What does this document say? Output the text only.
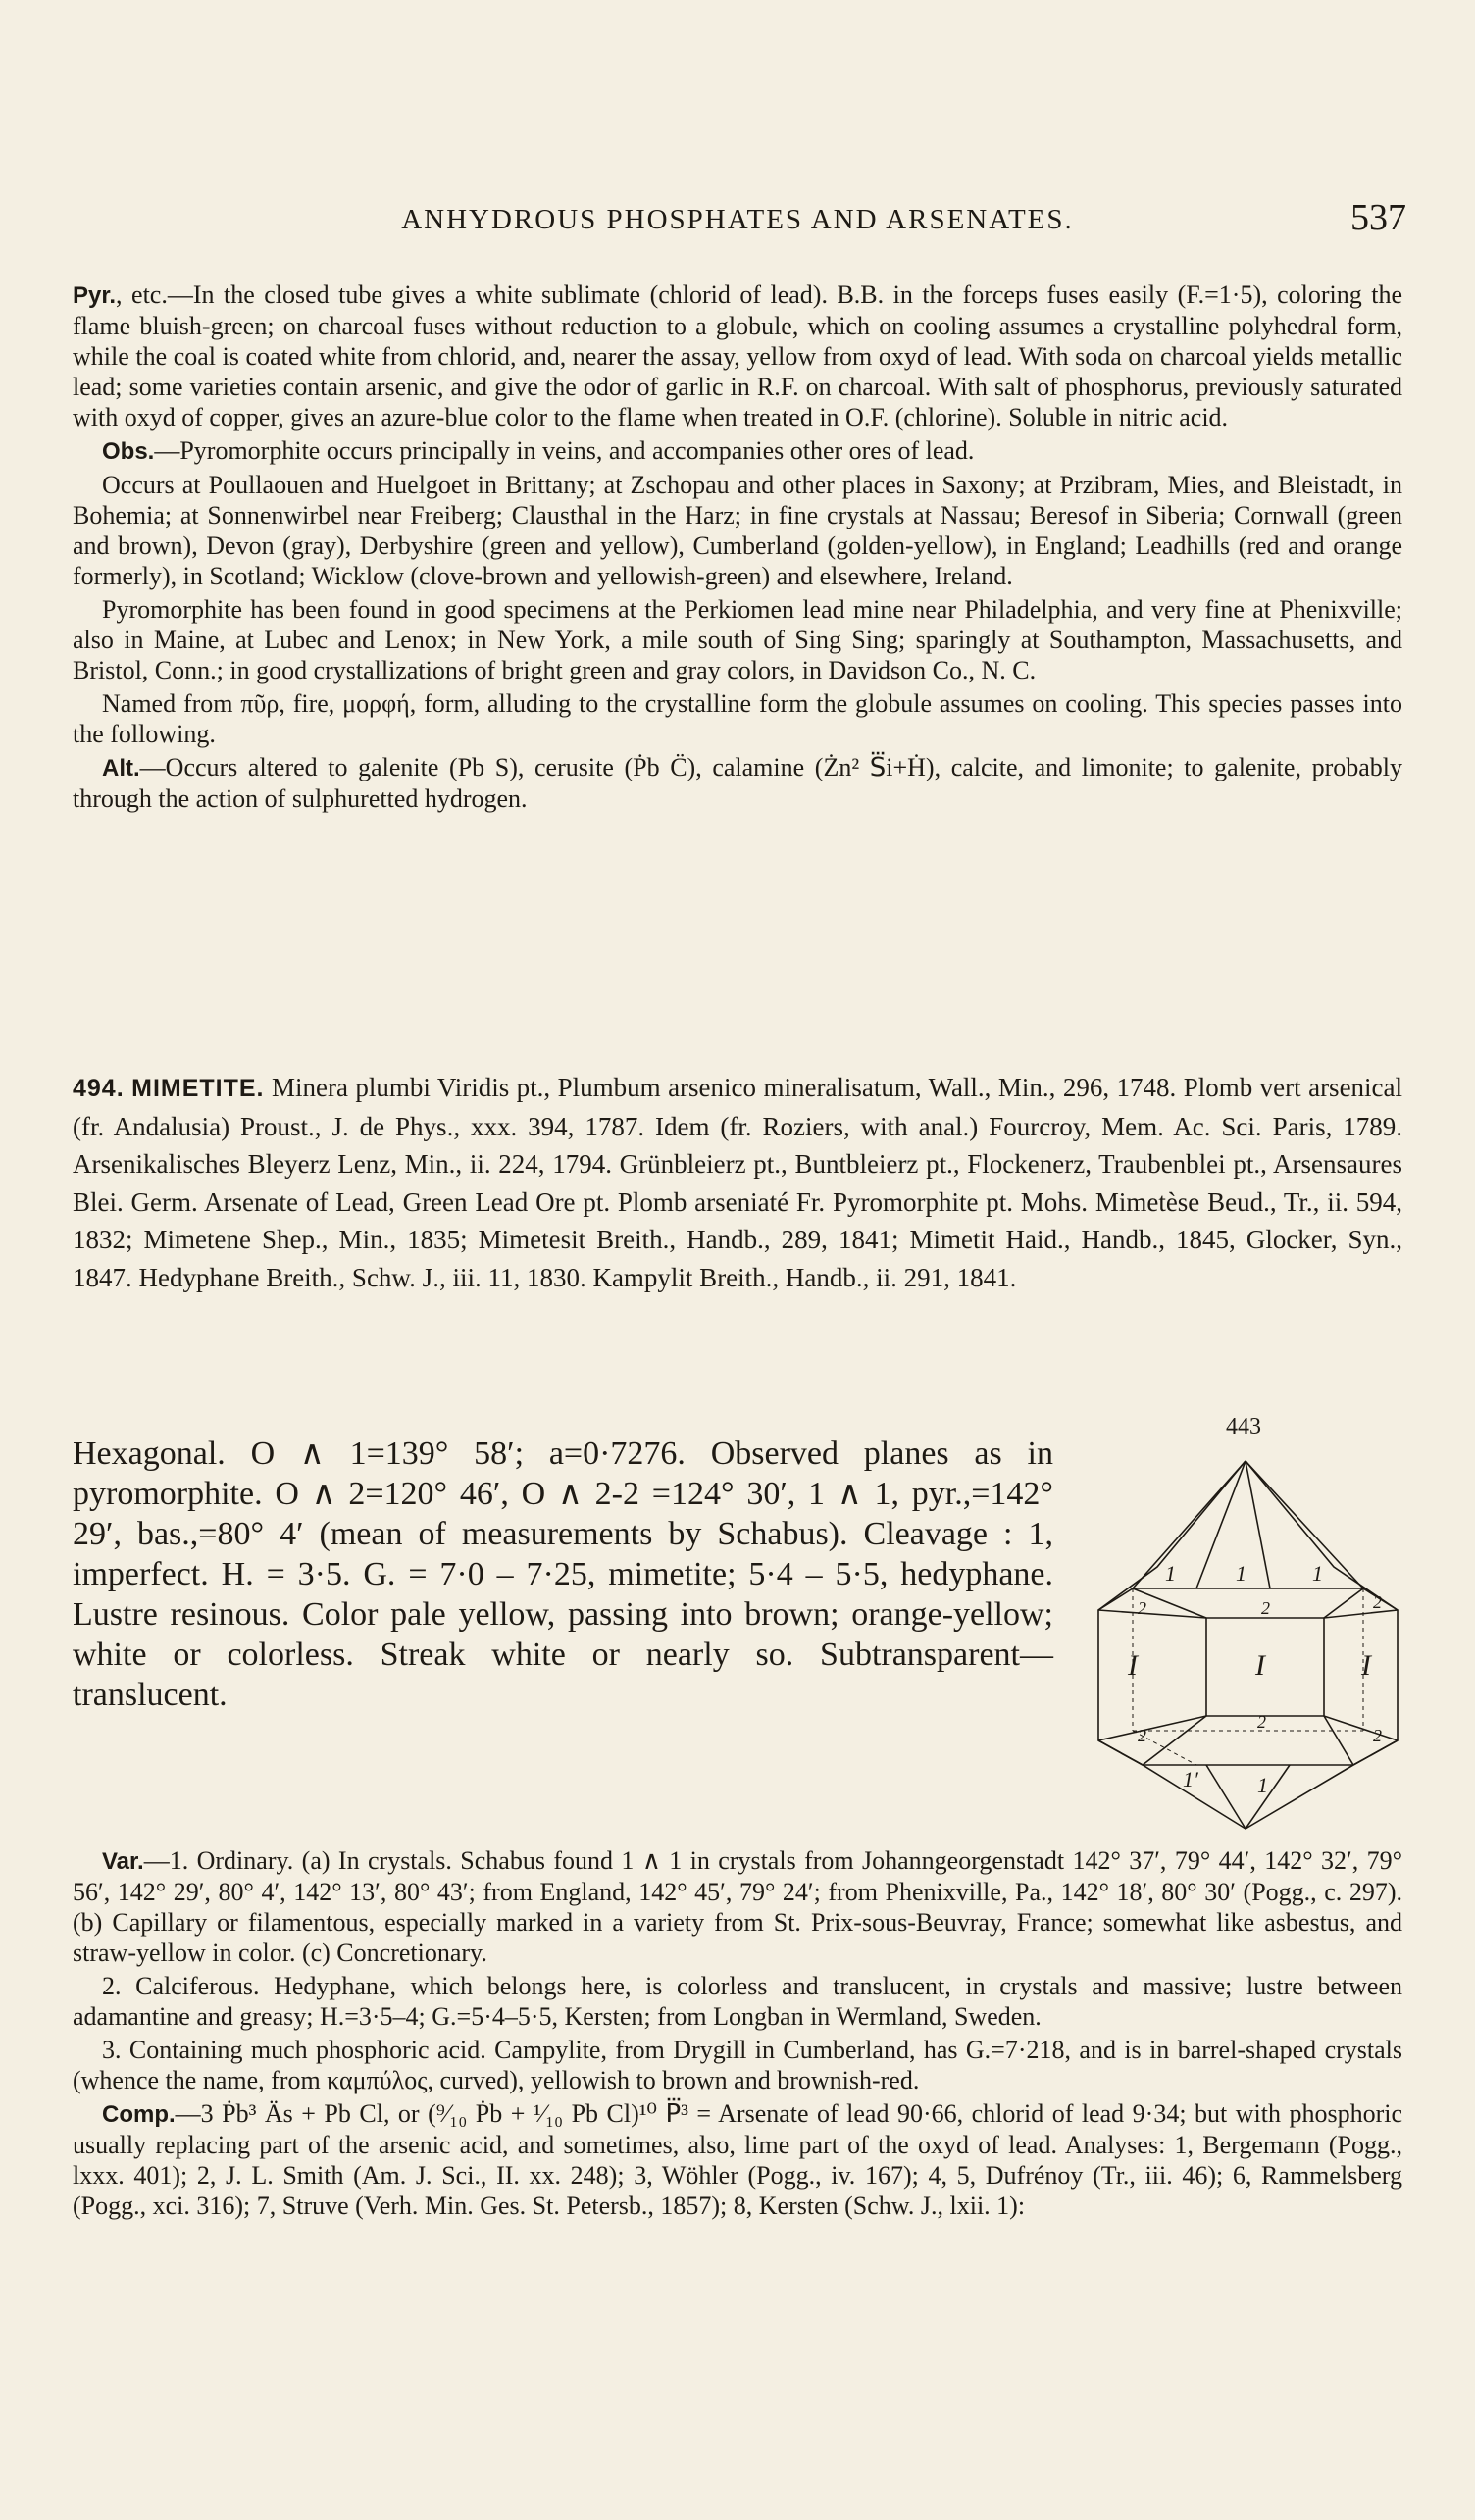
ANHYDROUS PHOSPHATES AND ARSENATES.	537

Pyr., etc.—In the closed tube gives a white sublimate (chlorid of lead). B.B. in the forceps fuses easily (F.=1·5), coloring the flame bluish-green; on charcoal fuses without reduction to a globule, which on cooling assumes a crystalline polyhedral form, while the coal is coated white from chlorid, and, nearer the assay, yellow from oxyd of lead. With soda on charcoal yields metallic lead; some varieties contain arsenic, and give the odor of garlic in R.F. on charcoal. With salt of phosphorus, previously saturated with oxyd of copper, gives an azure-blue color to the flame when treated in O.F. (chlorine). Soluble in nitric acid.

Obs.—Pyromorphite occurs principally in veins, and accompanies other ores of lead.

Occurs at Poullaouen and Huelgoet in Brittany; at Zschopau and other places in Saxony; at Przibram, Mies, and Bleistadt, in Bohemia; at Sonnenwirbel near Freiberg; Clausthal in the Harz; in fine crystals at Nassau; Beresof in Siberia; Cornwall (green and brown), Devon (gray), Derbyshire (green and yellow), Cumberland (golden-yellow), in England; Leadhills (red and orange formerly), in Scotland; Wicklow (clove-brown and yellowish-green) and elsewhere, Ireland.

Pyromorphite has been found in good specimens at the Perkiomen lead mine near Philadelphia, and very fine at Phenixville; also in Maine, at Lubec and Lenox; in New York, a mile south of Sing Sing; sparingly at Southampton, Massachusetts, and Bristol, Conn.; in good crystallizations of bright green and gray colors, in Davidson Co., N. C.

Named from πῦρ, fire, μορφή, form, alluding to the crystalline form the globule assumes on cooling. This species passes into the following.

Alt.—Occurs altered to galenite (Pb S), cerusite (Ṗb C̈), calamine (Żn² S⃛i+Ḣ), calcite, and limonite; to galenite, probably through the action of sulphuretted hydrogen.

494. MIMETITE. Minera plumbi Viridis pt., Plumbum arsenico mineralisatum, Wall., Min., 296, 1748. Plomb vert arsenical (fr. Andalusia) Proust., J. de Phys., xxx. 394, 1787. Idem (fr. Roziers, with anal.) Fourcroy, Mem. Ac. Sci. Paris, 1789. Arsenikalisches Bleyerz Lenz, Min., ii. 224, 1794. Grünbleierz pt., Buntbleierz pt., Flockenerz, Traubenblei pt., Arsensaures Blei. Germ. Arsenate of Lead, Green Lead Ore pt. Plomb arseniaté Fr. Pyromorphite pt. Mohs. Mimetèse Beud., Tr., ii. 594, 1832; Mimetene Shep., Min., 1835; Mimetesit Breith., Handb., 289, 1841; Mimetit Haid., Handb., 1845, Glocker, Syn., 1847. Hedyphane Breith., Schw. J., iii. 11, 1830. Kampylit Breith., Handb., ii. 291, 1841.

Hexagonal. O ∧ 1=139° 58′; a=0·7276. Observed planes as in pyromorphite. O ∧ 2=120° 46′, O ∧ 2-2 =124° 30′, 1 ∧ 1, pyr.,=142° 29′, bas.,=80° 4′ (mean of measurements by Schabus). Cleavage : 1, imperfect. H. = 3·5. G. = 7·0 – 7·25, mimetite; 5·4 – 5·5, hedyphane. Lustre resinous. Color pale yellow, passing into brown; orange-yellow; white or colorless. Streak white or nearly so. Subtransparent—translucent.

443
1	1	1
2	2	2
I	I	I
2
2
2
1′	1

Var.—1. Ordinary. (a) In crystals. Schabus found 1 ∧ 1 in crystals from Johanngeorgenstadt 142° 37′, 79° 44′, 142° 32′, 79° 56′, 142° 29′, 80° 4′, 142° 13′, 80° 43′; from England, 142° 45′, 79° 24′; from Phenixville, Pa., 142° 18′, 80° 30′ (Pogg., c. 297). (b) Capillary or filamentous, especially marked in a variety from St. Prix-sous-Beuvray, France; somewhat like asbestus, and straw-yellow in color. (c) Concretionary.

2. Calciferous. Hedyphane, which belongs here, is colorless and translucent, in crystals and massive; lustre between adamantine and greasy; H.=3·5–4; G.=5·4–5·5, Kersten; from Longban in Wermland, Sweden.

3. Containing much phosphoric acid. Campylite, from Drygill in Cumberland, has G.=7·218, and is in barrel-shaped crystals (whence the name, from καμπύλος, curved), yellowish to brown and brownish-red.

Comp.—3 Ṗb³ Äs + Pb Cl, or (⁹⁄₁₀ Ṗb + ¹⁄₁₀ Pb Cl)¹⁰ P⃛³ = Arsenate of lead 90·66, chlorid of lead 9·34; but with phosphoric usually replacing part of the arsenic acid, and sometimes, also, lime part of the oxyd of lead. Analyses: 1, Bergemann (Pogg., lxxx. 401); 2, J. L. Smith (Am. J. Sci., II. xx. 248); 3, Wöhler (Pogg., iv. 167); 4, 5, Dufrénoy (Tr., iii. 46); 6, Rammelsberg (Pogg., xci. 316); 7, Struve (Verh. Min. Ges. St. Petersb., 1857); 8, Kersten (Schw. J., lxii. 1):
